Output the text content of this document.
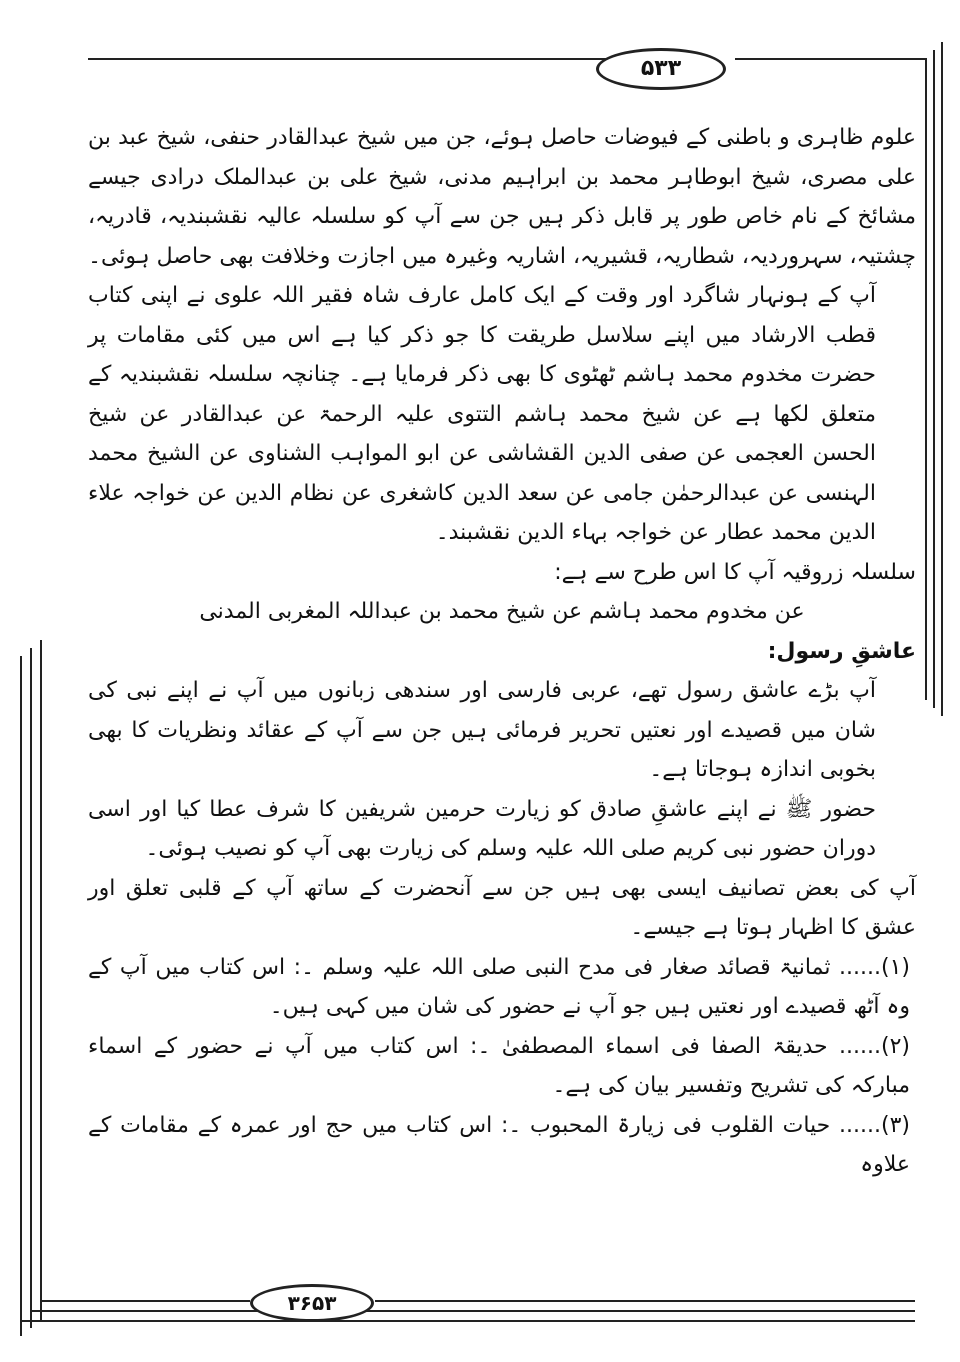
۵۳۳

علوم ظاہری و باطنی کے فیوضات حاصل ہوئے، جن میں شیخ عبدالقادر حنفی، شیخ عبد بن علی مصری، شیخ ابوطاہر محمد بن ابراہیم مدنی، شیخ علی بن عبدالملک درادی جیسے مشائخ کے نام خاص طور پر قابل ذکر ہیں جن سے آپ کو سلسلہ عالیہ نقشبندیہ، قادریہ، چشتیہ، سہروردیہ، شطاریہ، قشیریہ، اشاریہ وغیرہ میں اجازت وخلافت بھی حاصل ہوئی۔

آپ کے ہونہار شاگرد اور وقت کے ایک کامل عارف شاہ فقیر اللہ علوی نے اپنی کتاب قطب الارشاد میں اپنے سلاسل طریقت کا جو ذکر کیا ہے اس میں کئی مقامات پر حضرت مخدوم محمد ہاشم ٹھٹوی کا بھی ذکر فرمایا ہے۔ چنانچہ سلسلہ نقشبندیہ کے متعلق لکھا ہے عن شیخ محمد ہاشم التتوی علیہ الرحمۃ عن عبدالقادر عن شیخ الحسن العجمی عن صفی الدین القشاشی عن ابو المواہب الشناوی عن الشیخ محمد الہنسی عن عبدالرحمٰن جامی عن سعد الدین کاشغری عن نظام الدین عن خواجہ علاء الدین محمد عطار عن خواجہ بہاء الدین نقشبند۔

سلسلہ زروقیہ آپ کا اس طرح سے ہے:

عن مخدوم محمد ہاشم عن شیخ محمد بن عبداللہ المغربی المدنی

عاشقِ رسول:

آپ بڑے عاشق رسول تھے، عربی فارسی اور سندھی زبانوں میں آپ نے اپنے نبی کی شان میں قصیدے اور نعتیں تحریر فرمائی ہیں جن سے آپ کے عقائد ونظریات کا بھی بخوبی اندازہ ہوجاتا ہے۔

حضور ﷺ نے اپنے عاشقِ صادق کو زیارت حرمین شریفین کا شرف عطا کیا اور اسی دوران حضور نبی کریم صلی اللہ علیہ وسلم کی زیارت بھی آپ کو نصیب ہوئی۔

آپ کی بعض تصانیف ایسی بھی ہیں جن سے آنحضرت کے ساتھ آپ کے قلبی تعلق اور عشق کا اظہار ہوتا ہے جیسے۔

(۱)...... ثمانیۃ قصائد صغار فی مدح النبی صلی اللہ علیہ وسلم ۔: اس کتاب میں آپ کے وہ آٹھ قصیدے اور نعتیں ہیں جو آپ نے حضور کی شان میں کہی ہیں۔

(۲)...... حدیقۃ الصفا فی اسماء المصطفیٰ ۔: اس کتاب میں آپ نے حضور کے اسماء مبارکہ کی تشریح وتفسیر بیان کی ہے۔

(۳)...... حیات القلوب فی زیارۃ المحبوب ۔: اس کتاب میں حج اور عمرہ کے مقامات کے علاوہ

۳۶۵۳
